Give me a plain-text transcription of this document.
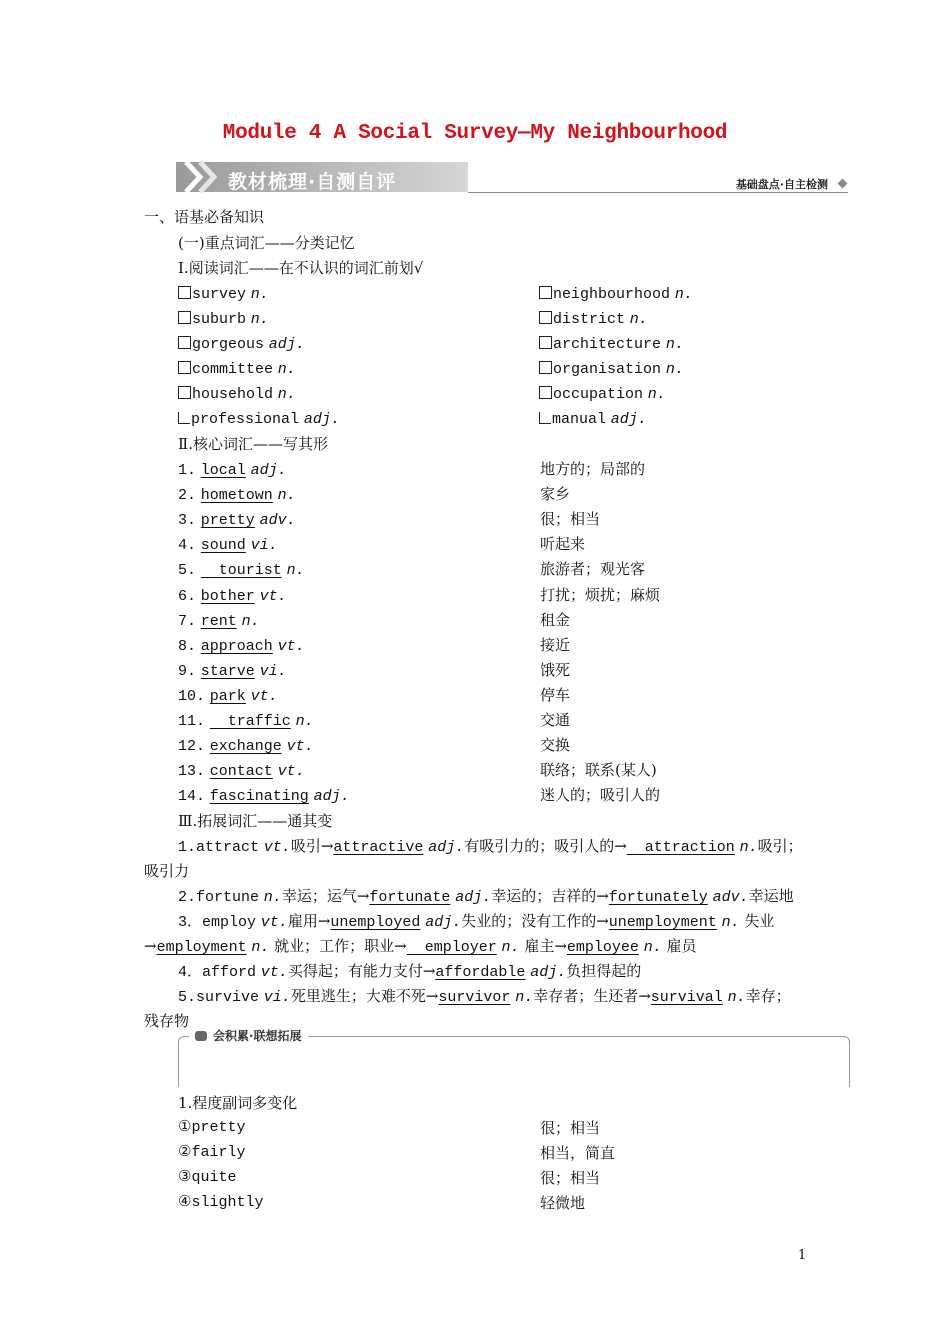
Module 4 A Social Survey—My Neighbourhood
教材梳理·自测自评	基础盘点·自主检测
一、语基必备知识
(一)重点词汇——分类记忆
Ⅰ.阅读词汇——在不认识的词汇前划√
survey n.	neighbourhood n.
suburb n.	district n.
gorgeous adj.	architecture n.
committee n.	organisation n.
household n.	occupation n.
professional adj.	manual adj.
Ⅱ.核心词汇——写其形
1. local adj.	地方的；局部的
2. hometown n.	家乡
3. pretty adv.	很；相当
4. sound vi.	听起来
5.   tourist n.	旅游者；观光客
6. bother vt.	打扰；烦扰；麻烦
7. rent n.	租金
8. approach vt.	接近
9. starve vi.	饿死
10. park vt.	停车
11.   traffic n.	交通
12. exchange vt.	交换
13. contact vt.	联络；联系(某人)
14. fascinating adj.	迷人的；吸引人的
Ⅲ.拓展词汇——通其变
1.attract vt.吸引→attractive adj.有吸引力的；吸引人的→  attraction n.吸引；
吸引力
2.fortune n.幸运；运气→fortunate adj.幸运的；吉祥的→fortunately adv.幸运地
3．employ vt.雇用→unemployed adj.失业的；没有工作的→unemployment n. 失业
→employment n. 就业；工作；职业→  employer n. 雇主→employee n. 雇员
4．afford vt.买得起；有能力支付→affordable adj.负担得起的
5.survive vi.死里逃生；大难不死→survivor n.幸存者；生还者→survival n.幸存；
残存物
会积累·联想拓展
1.程度副词多变化
①pretty	很；相当
②fairly	相当，简直
③quite	很；相当
④slightly	轻微地
1
